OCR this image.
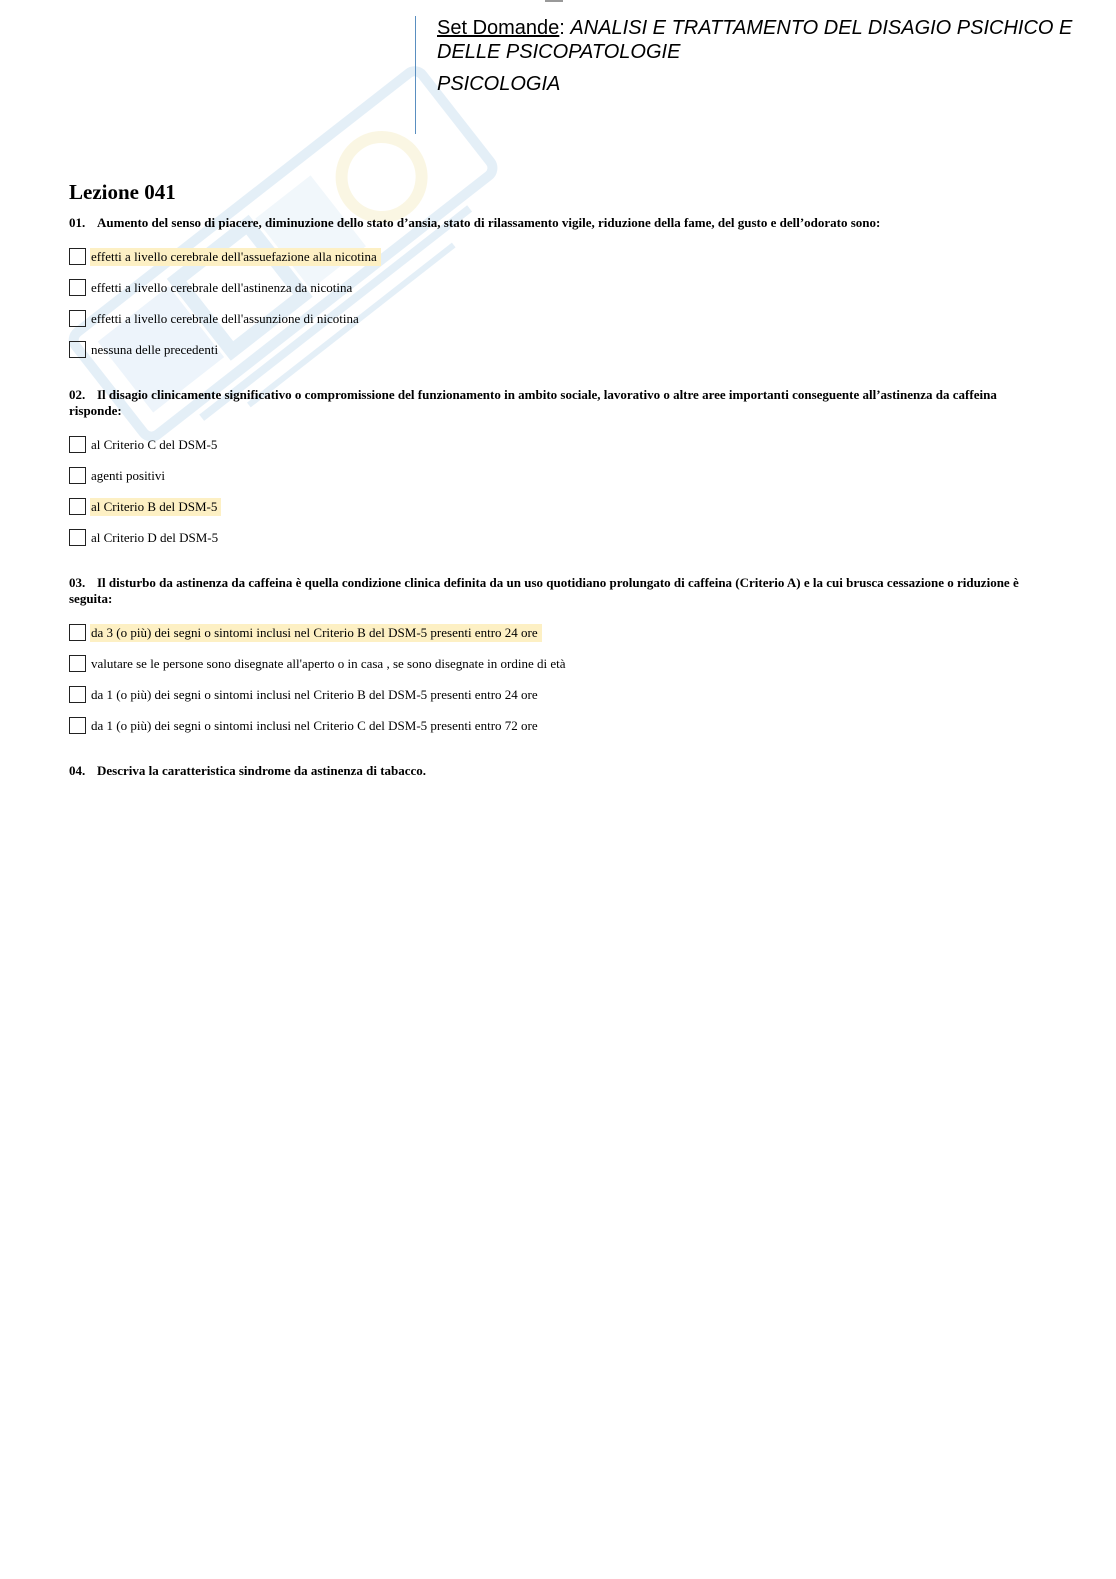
Set Domande: ANALISI E TRATTAMENTO DEL DISAGIO PSICHICO E DELLE PSICOPATOLOGIE
PSICOLOGIA
Lezione 041
01. Aumento del senso di piacere, diminuzione dello stato d’ansia, stato di rilassamento vigile, riduzione della fame, del gusto e dell’odorato sono:
effetti a livello cerebrale dell'assuefazione alla nicotina
effetti a livello cerebrale dell'astinenza da nicotina
effetti a livello cerebrale dell'assunzione di nicotina
nessuna delle precedenti
02. Il disagio clinicamente significativo o compromissione del funzionamento in ambito sociale, lavorativo o altre aree importanti conseguente all’astinenza da caffeina risponde:
al Criterio C del DSM-5
agenti positivi
al Criterio B del DSM-5
al Criterio D del DSM-5
03. Il disturbo da astinenza da caffeina è quella condizione clinica definita da un uso quotidiano prolungato di caffeina (Criterio A) e la cui brusca cessazione o riduzione è seguita:
da 3 (o più) dei segni o sintomi inclusi nel Criterio B del DSM-5 presenti entro 24 ore
valutare se le persone sono disegnate all'aperto o in casa , se sono disegnate in ordine di età
da 1 (o più) dei segni o sintomi inclusi nel Criterio B del DSM-5 presenti entro 24 ore
da 1 (o più) dei segni o sintomi inclusi nel Criterio C del DSM-5 presenti entro 72 ore
04. Descriva la caratteristica sindrome da astinenza di tabacco.
